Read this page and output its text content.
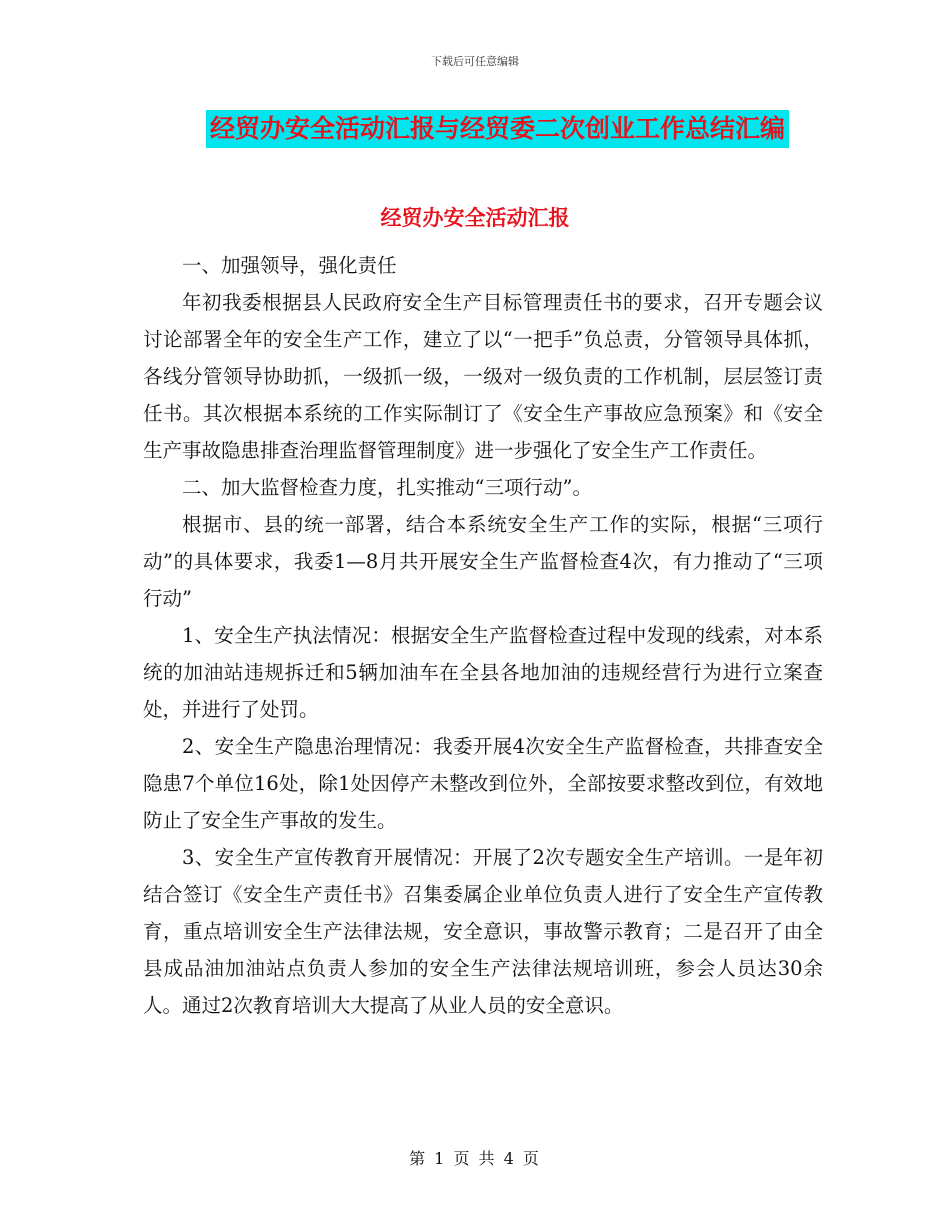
下载后可任意编辑
经贸办安全活动汇报与经贸委二次创业工作总结汇编
经贸办安全活动汇报

一、加强领导，强化责任

年初我委根据县人民政府安全生产目标管理责任书的要求，召开专题会议讨论部署全年的安全生产工作，建立了以“一把手”负总责，分管领导具体抓，各线分管领导协助抓，一级抓一级，一级对一级负责的工作机制，层层签订责任书。其次根据本系统的工作实际制订了《安全生产事故应急预案》和《安全生产事故隐患排查治理监督管理制度》进一步强化了安全生产工作责任。

二、加大监督检查力度，扎实推动“三项行动”。

根据市、县的统一部署，结合本系统安全生产工作的实际，根据“三项行动”的具体要求，我委1—8月共开展安全生产监督检查4次，有力推动了“三项行动”

1、安全生产执法情况：根据安全生产监督检查过程中发现的线索，对本系统的加油站违规拆迁和5辆加油车在全县各地加油的违规经营行为进行立案查处，并进行了处罚。

2、安全生产隐患治理情况：我委开展4次安全生产监督检查，共排查安全隐患7个单位16处，除1处因停产未整改到位外，全部按要求整改到位，有效地防止了安全生产事故的发生。

3、安全生产宣传教育开展情况：开展了2次专题安全生产培训。一是年初结合签订《安全生产责任书》召集委属企业单位负责人进行了安全生产宣传教育，重点培训安全生产法律法规，安全意识，事故警示教育；二是召开了由全县成品油加油站点负责人参加的安全生产法律法规培训班，参会人员达30余人。通过2次教育培训大大提高了从业人员的安全意识。

第 1 页 共 4 页
